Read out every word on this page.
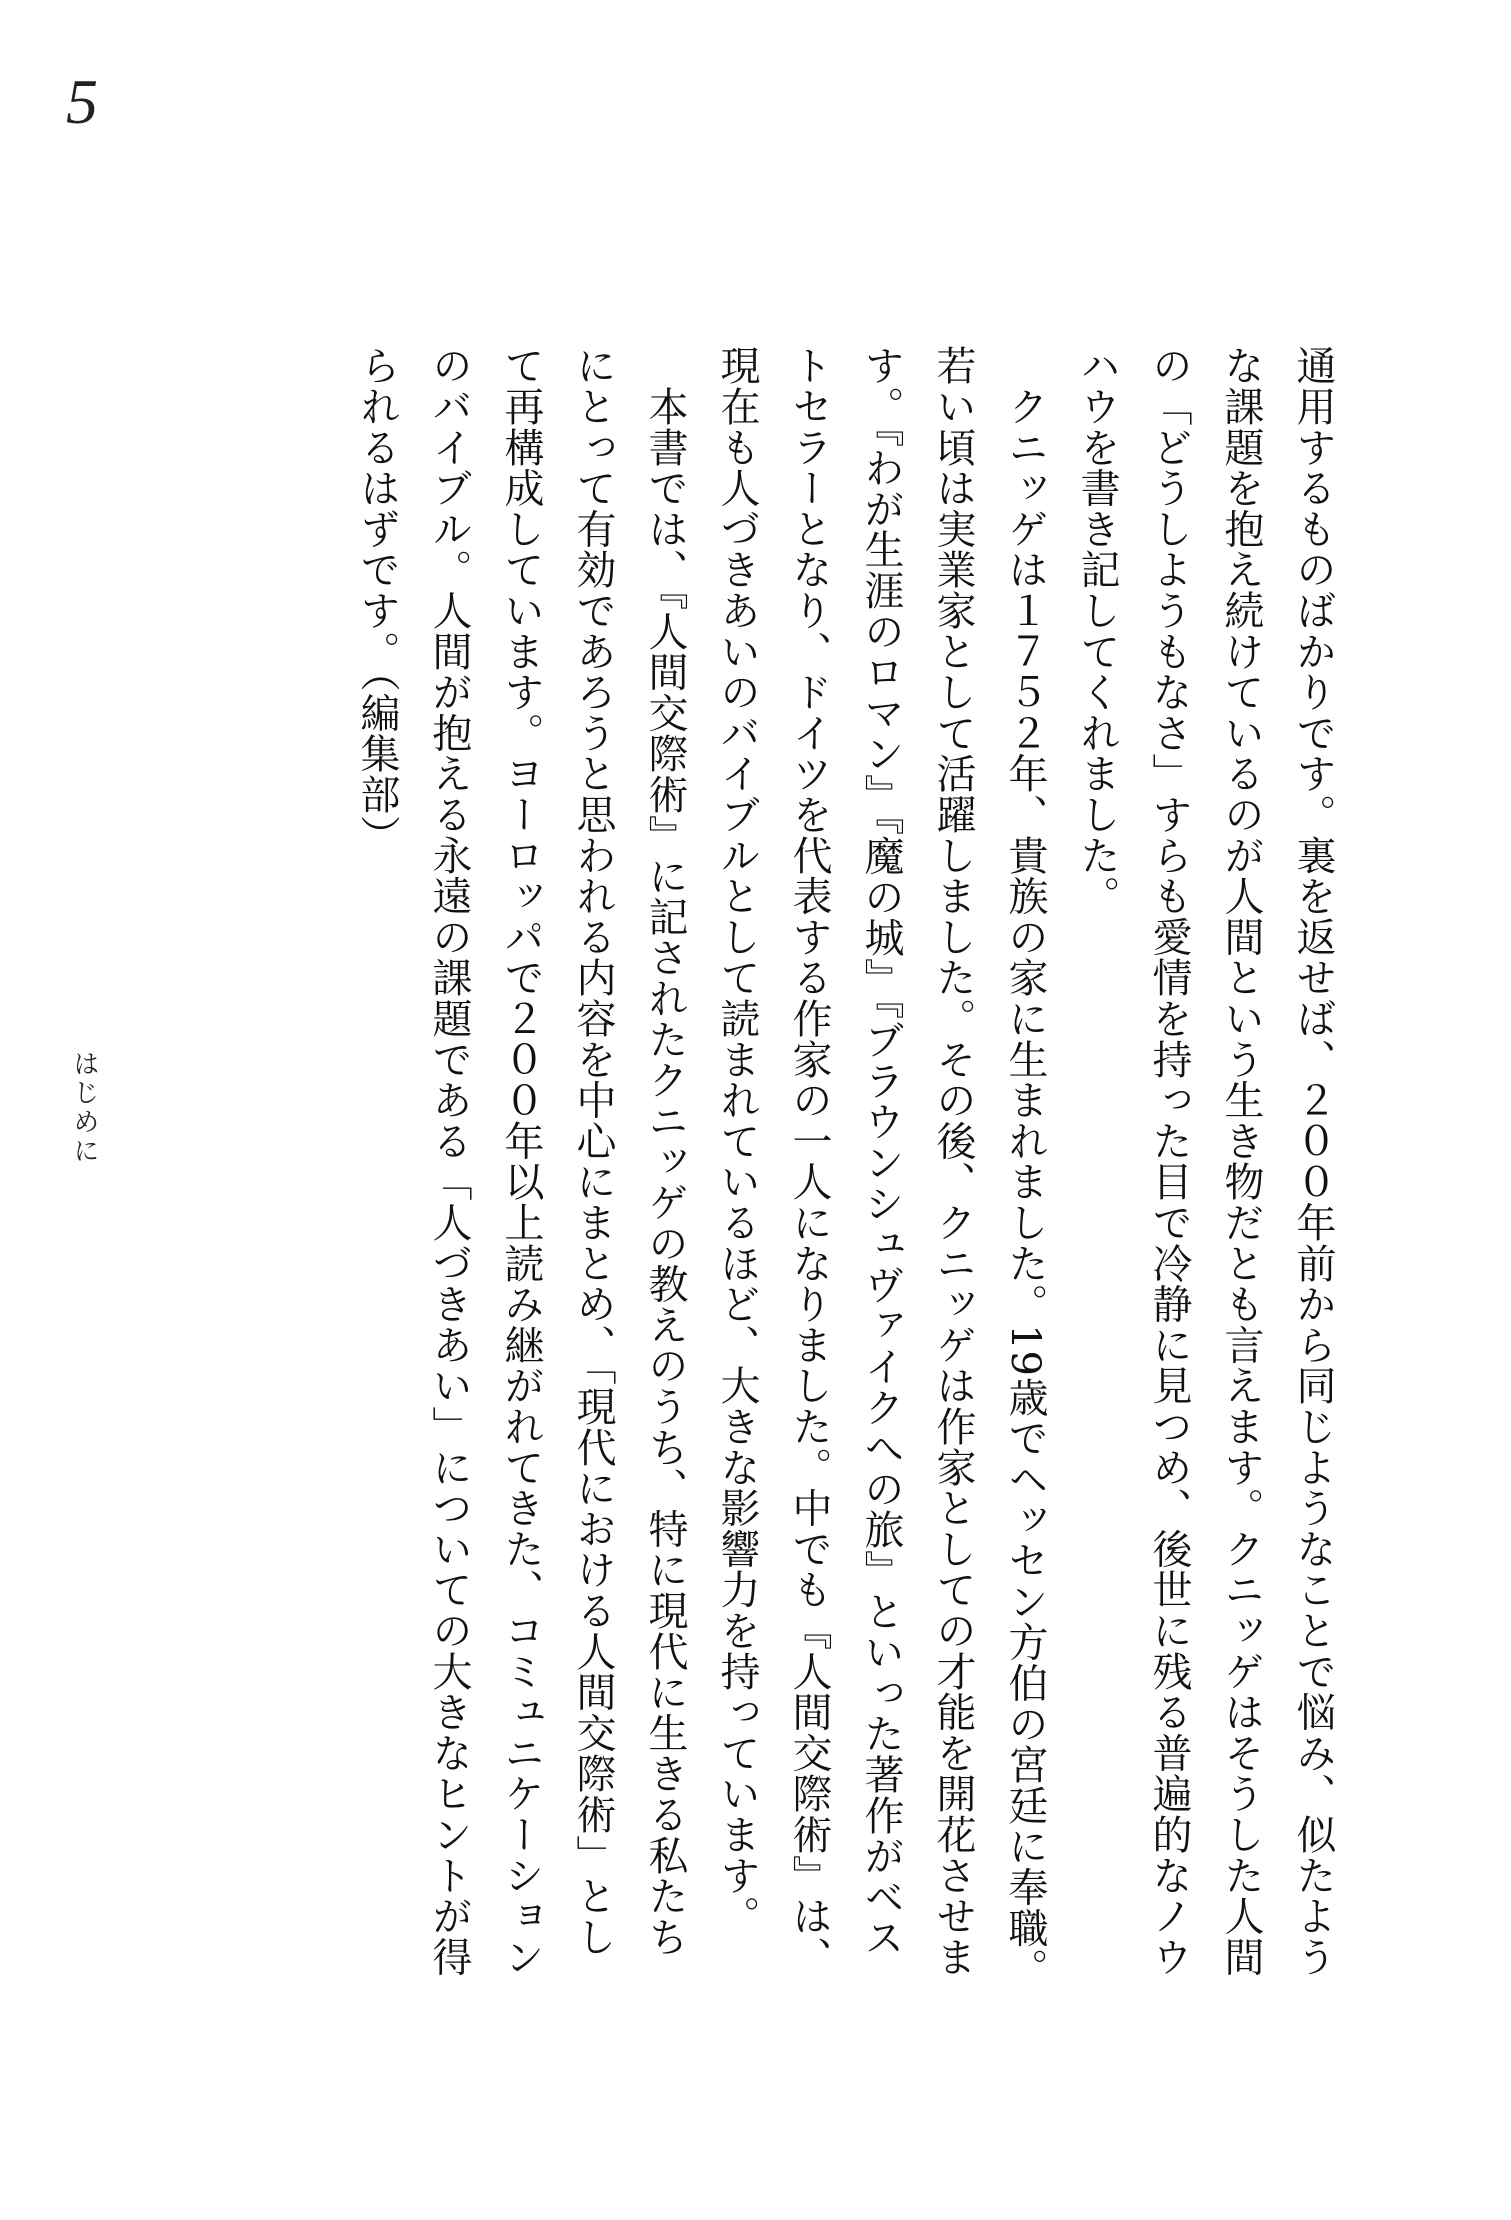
5

通用するものばかりです。裏を返せば、２００年前から同じようなことで悩み、似たよう

な課題を抱え続けているのが人間という生き物だとも言えます。クニッゲはそうした人間

の「どうしようもなさ」すらも愛情を持った目で冷静に見つめ、後世に残る普遍的なノウ

ハウを書き記してくれました。

　クニッゲは１７５２年、貴族の家に生まれました。19歳でヘッセン方伯の宮廷に奉職。

若い頃は実業家として活躍しました。その後、クニッゲは作家としての才能を開花させま

す。『わが生涯のロマン』『魔の城』『ブラウンシュヴァイクへの旅』といった著作がベス

トセラーとなり、ドイツを代表する作家の一人になりました。中でも『人間交際術』は、

現在も人づきあいのバイブルとして読まれているほど、大きな影響力を持っています。

　本書では、『人間交際術』に記されたクニッゲの教えのうち、特に現代に生きる私たち

にとって有効であろうと思われる内容を中心にまとめ、「現代における人間交際術」とし

て再構成しています。ヨーロッパで２００年以上読み継がれてきた、コミュニケーション

のバイブル。人間が抱える永遠の課題である「人づきあい」についての大きなヒントが得

られるはずです。（編集部）

はじめに
